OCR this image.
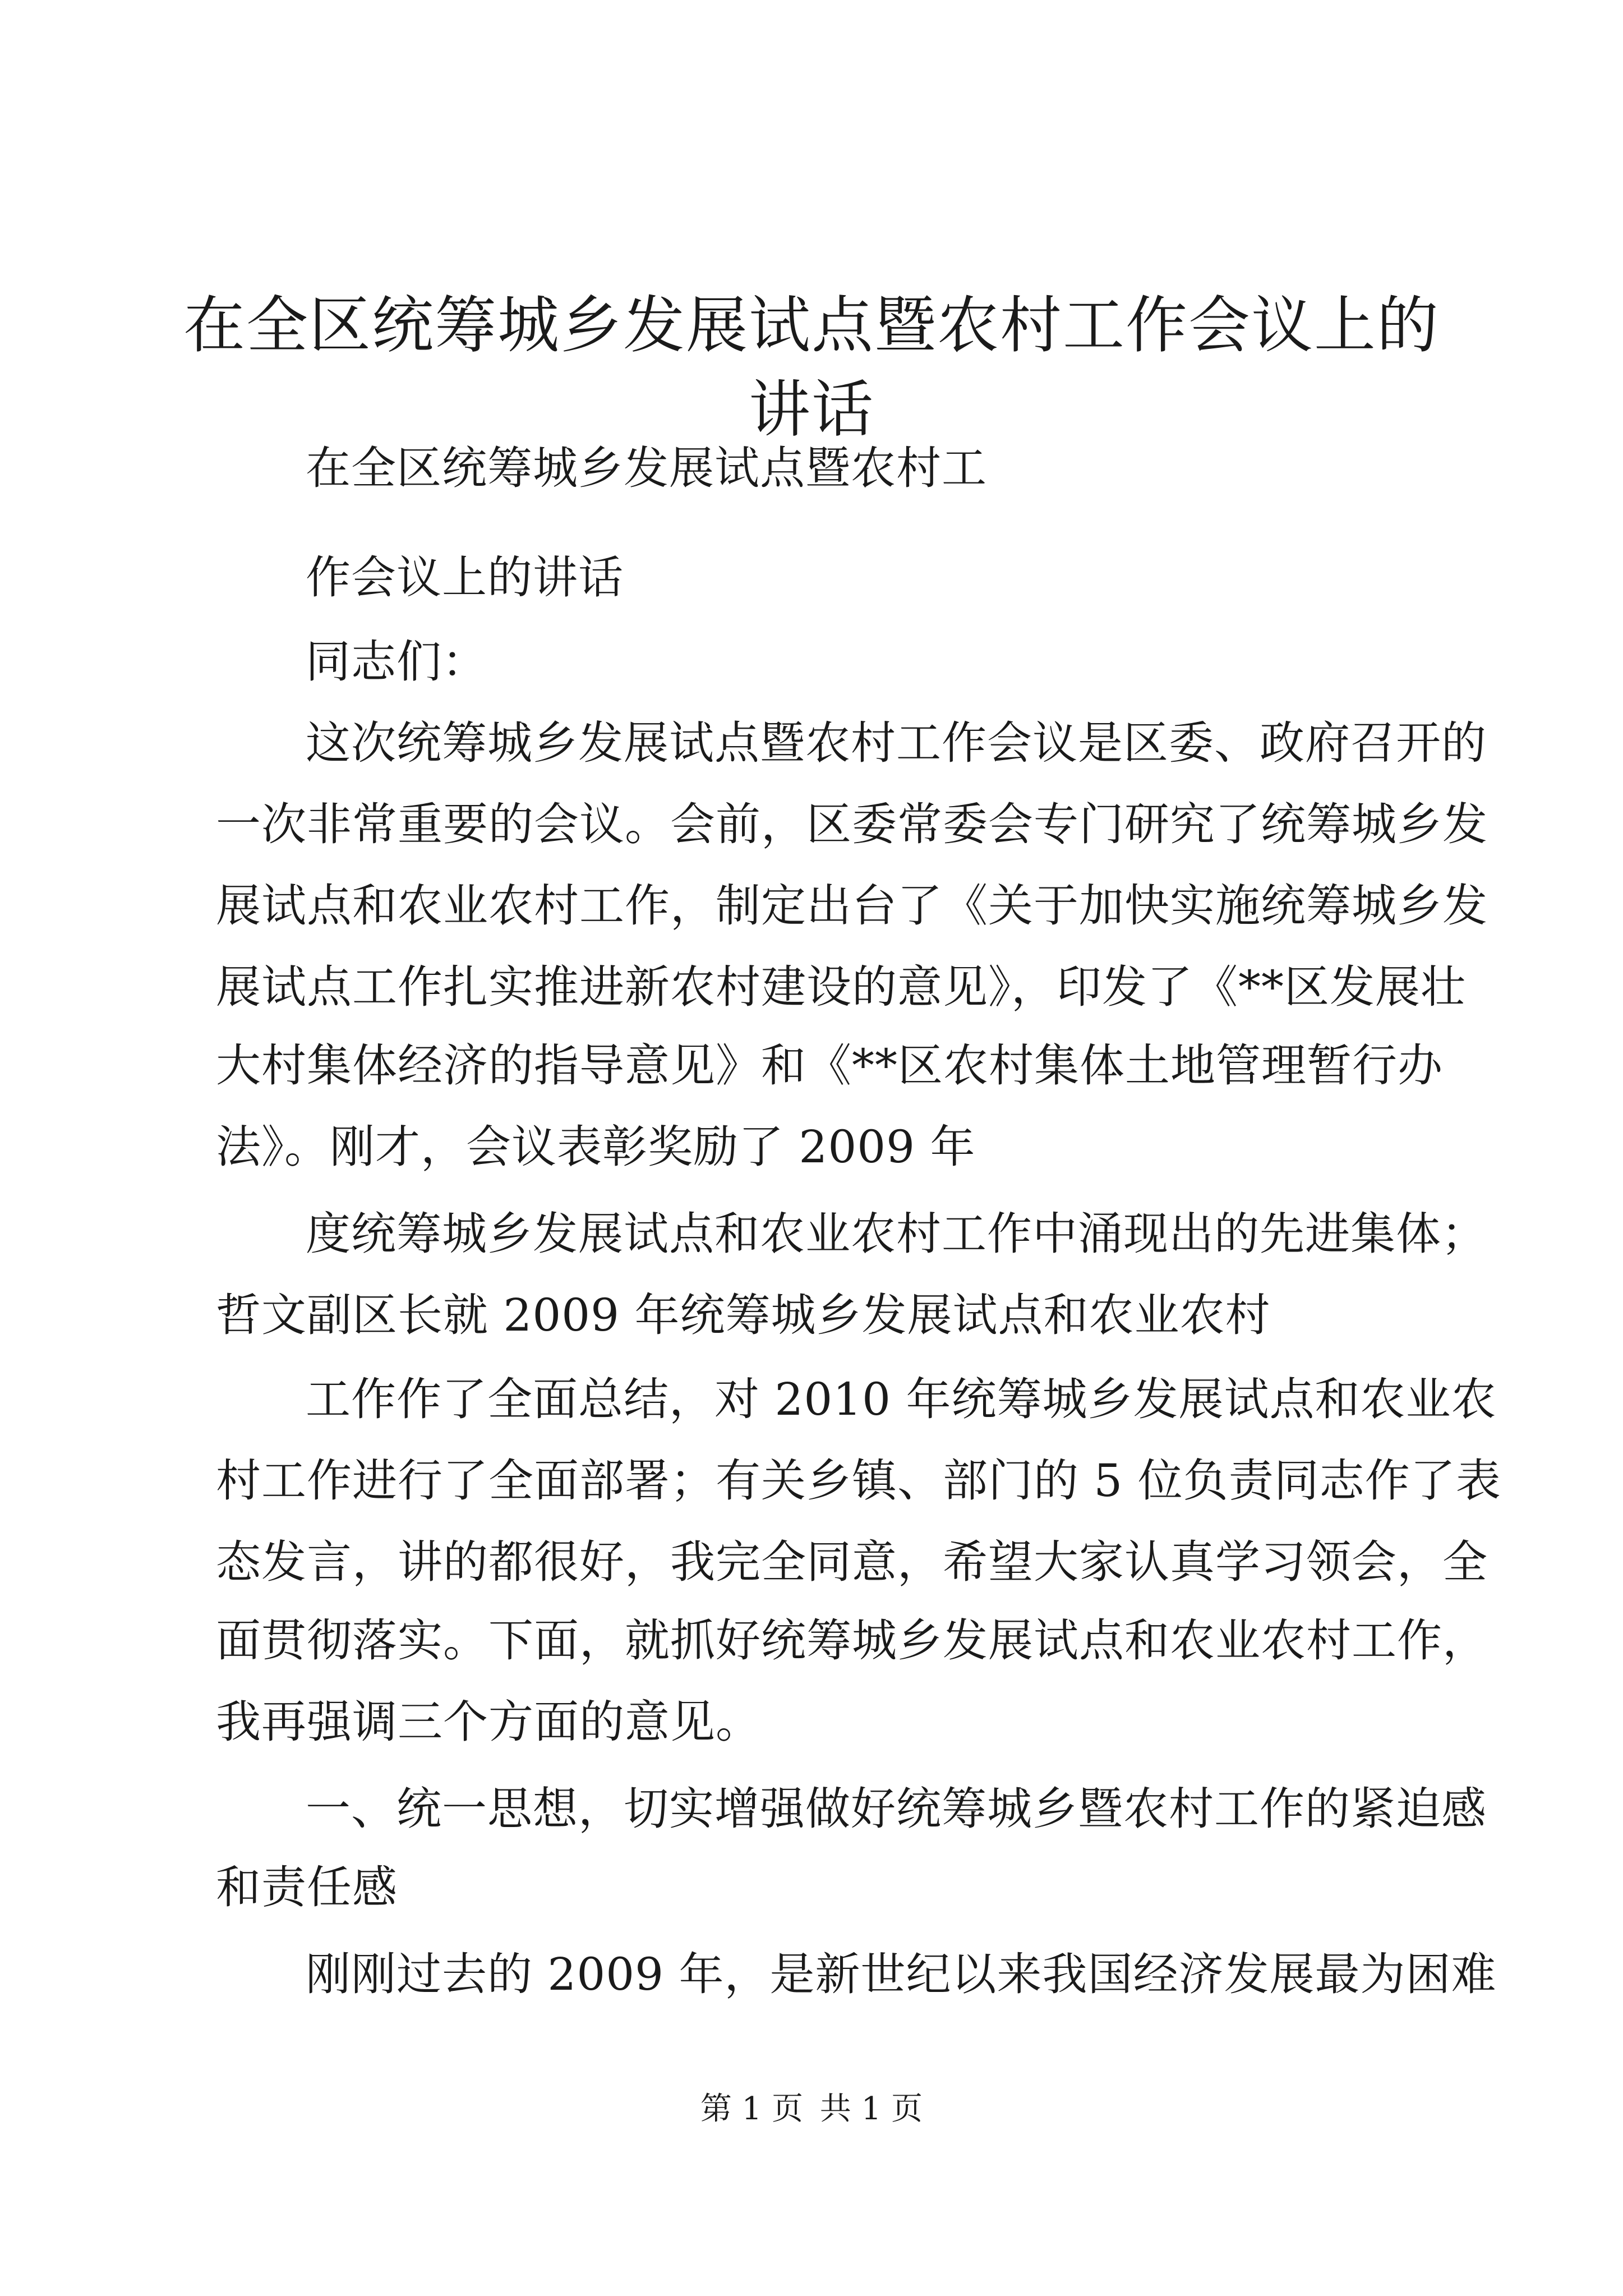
在全区统筹城乡发展试点暨农村工作会议上的
讲话

在全区统筹城乡发展试点暨农村工

作会议上的讲话

同志们：

这次统筹城乡发展试点暨农村工作会议是区委、政府召开的

一次非常重要的会议。会前，区委常委会专门研究了统筹城乡发

展试点和农业农村工作，制定出台了《关于加快实施统筹城乡发

展试点工作扎实推进新农村建设的意见》，印发了《**区发展壮

大村集体经济的指导意见》和《**区农村集体土地管理暂行办

法》。刚才，会议表彰奖励了 2009 年

度统筹城乡发展试点和农业农村工作中涌现出的先进集体；

哲文副区长就 2009 年统筹城乡发展试点和农业农村

工作作了全面总结，对 2010 年统筹城乡发展试点和农业农

村工作进行了全面部署；有关乡镇、部门的 5 位负责同志作了表

态发言，讲的都很好，我完全同意，希望大家认真学习领会，全

面贯彻落实。下面，就抓好统筹城乡发展试点和农业农村工作，

我再强调三个方面的意见。

一、统一思想，切实增强做好统筹城乡暨农村工作的紧迫感

和责任感

刚刚过去的 2009 年，是新世纪以来我国经济发展最为困难

第 1 页 共 1 页
